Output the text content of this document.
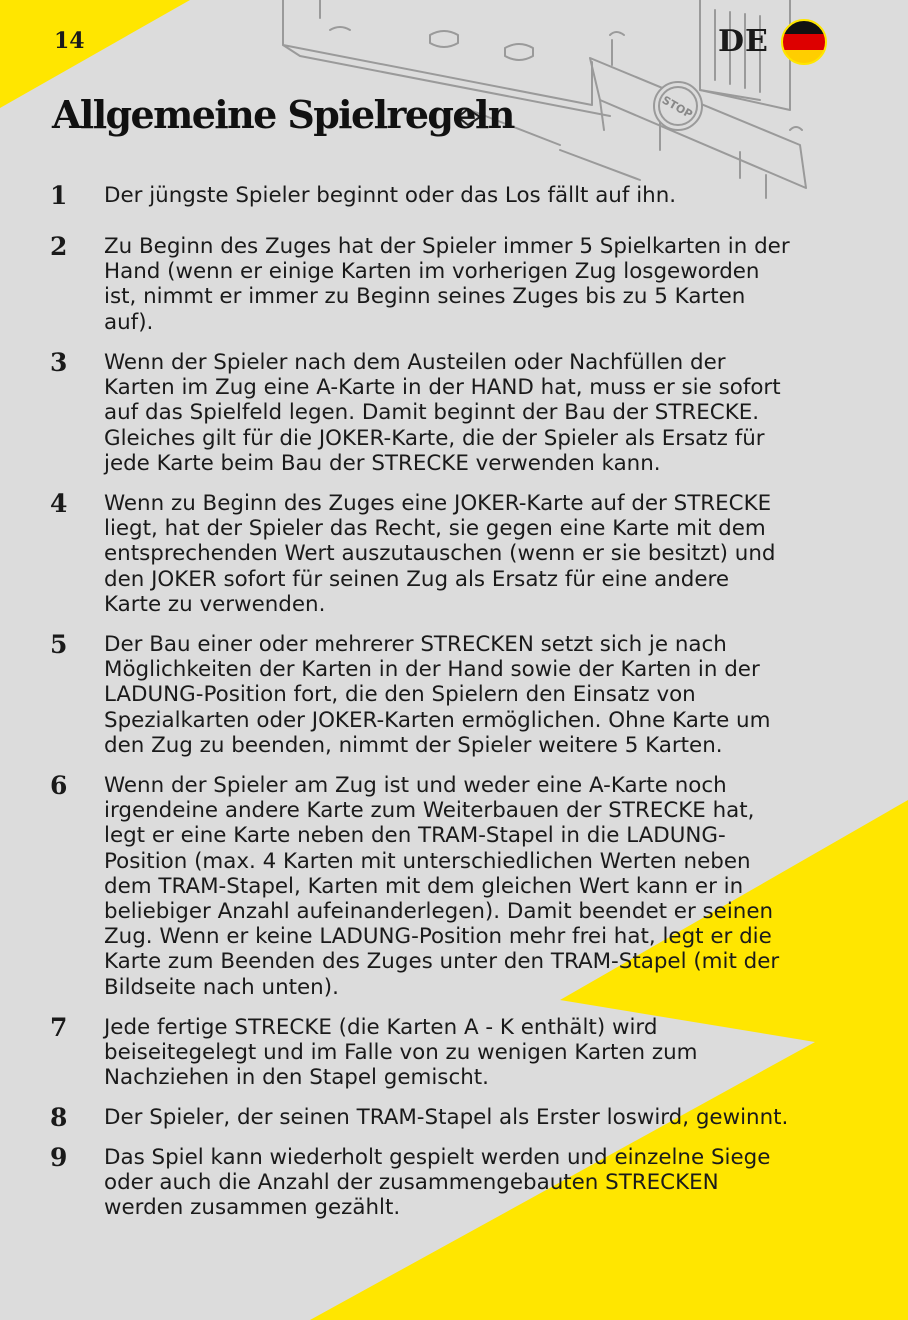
STOP
14	DE
Allgemeine Spielregeln
1 Der jüngste Spieler beginnt oder das Los fällt auf ihn.

2 Zu Beginn des Zuges hat der Spieler immer 5 Spielkarten in der
Hand (wenn er einige Karten im vorherigen Zug losgeworden
ist, nimmt er immer zu Beginn seines Zuges bis zu 5 Karten
auf).

3 Wenn der Spieler nach dem Austeilen oder Nachfüllen der
Karten im Zug eine A-Karte in der HAND hat, muss er sie sofort
auf das Spielfeld legen. Damit beginnt der Bau der STRECKE.
Gleiches gilt für die JOKER-Karte, die der Spieler als Ersatz für
jede Karte beim Bau der STRECKE verwenden kann.

4 Wenn zu Beginn des Zuges eine JOKER-Karte auf der STRECKE
liegt, hat der Spieler das Recht, sie gegen eine Karte mit dem
entsprechenden Wert auszutauschen (wenn er sie besitzt) und
den JOKER sofort für seinen Zug als Ersatz für eine andere
Karte zu verwenden.

5 Der Bau einer oder mehrerer STRECKEN setzt sich je nach
Möglichkeiten der Karten in der Hand sowie der Karten in der
LADUNG-Position fort, die den Spielern den Einsatz von
Spezialkarten oder JOKER-Karten ermöglichen. Ohne Karte um
den Zug zu beenden, nimmt der Spieler weitere 5 Karten.

6 Wenn der Spieler am Zug ist und weder eine A-Karte noch
irgendeine andere Karte zum Weiterbauen der STRECKE hat,
legt er eine Karte neben den TRAM-Stapel in die LADUNG-
Position (max. 4 Karten mit unterschiedlichen Werten neben
dem TRAM-Stapel, Karten mit dem gleichen Wert kann er in
beliebiger Anzahl aufeinanderlegen). Damit beendet er seinen
Zug. Wenn er keine LADUNG-Position mehr frei hat, legt er die
Karte zum Beenden des Zuges unter den TRAM-Stapel (mit der
Bildseite nach unten).

7 Jede fertige STRECKE (die Karten A - K enthält) wird
beiseitegelegt und im Falle von zu wenigen Karten zum
Nachziehen in den Stapel gemischt.

8 Der Spieler, der seinen TRAM-Stapel als Erster loswird, gewinnt.

9 Das Spiel kann wiederholt gespielt werden und einzelne Siege
oder auch die Anzahl der zusammengebauten STRECKEN
werden zusammen gezählt.
